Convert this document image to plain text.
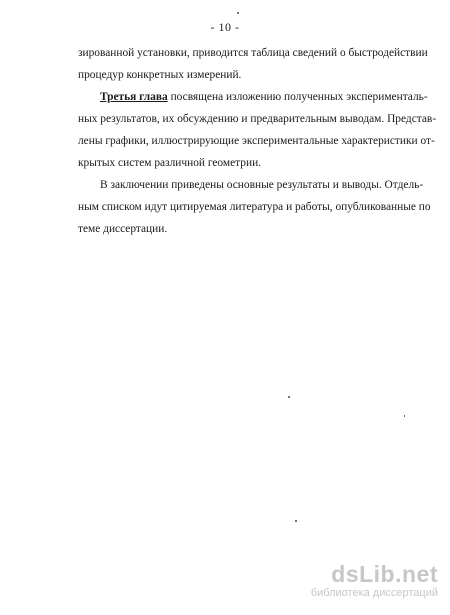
- 10 -
зированной установки, приводится таблица сведений о быстродействии
процедур конкретных измерений.
Третья глава посвящена изложению полученных эксперименталь-
ных результатов, их обсуждению и предварительным выводам. Представ-
лены графики, иллюстрирующие экспериментальные характеристики от-
крытых систем различной геометрии.
В заключении приведены основные результаты и выводы. Отдель-
ным списком идут цитируемая литература и работы, опубликованные по
теме диссертации.
dsLib.net
библиотека диссертаций
